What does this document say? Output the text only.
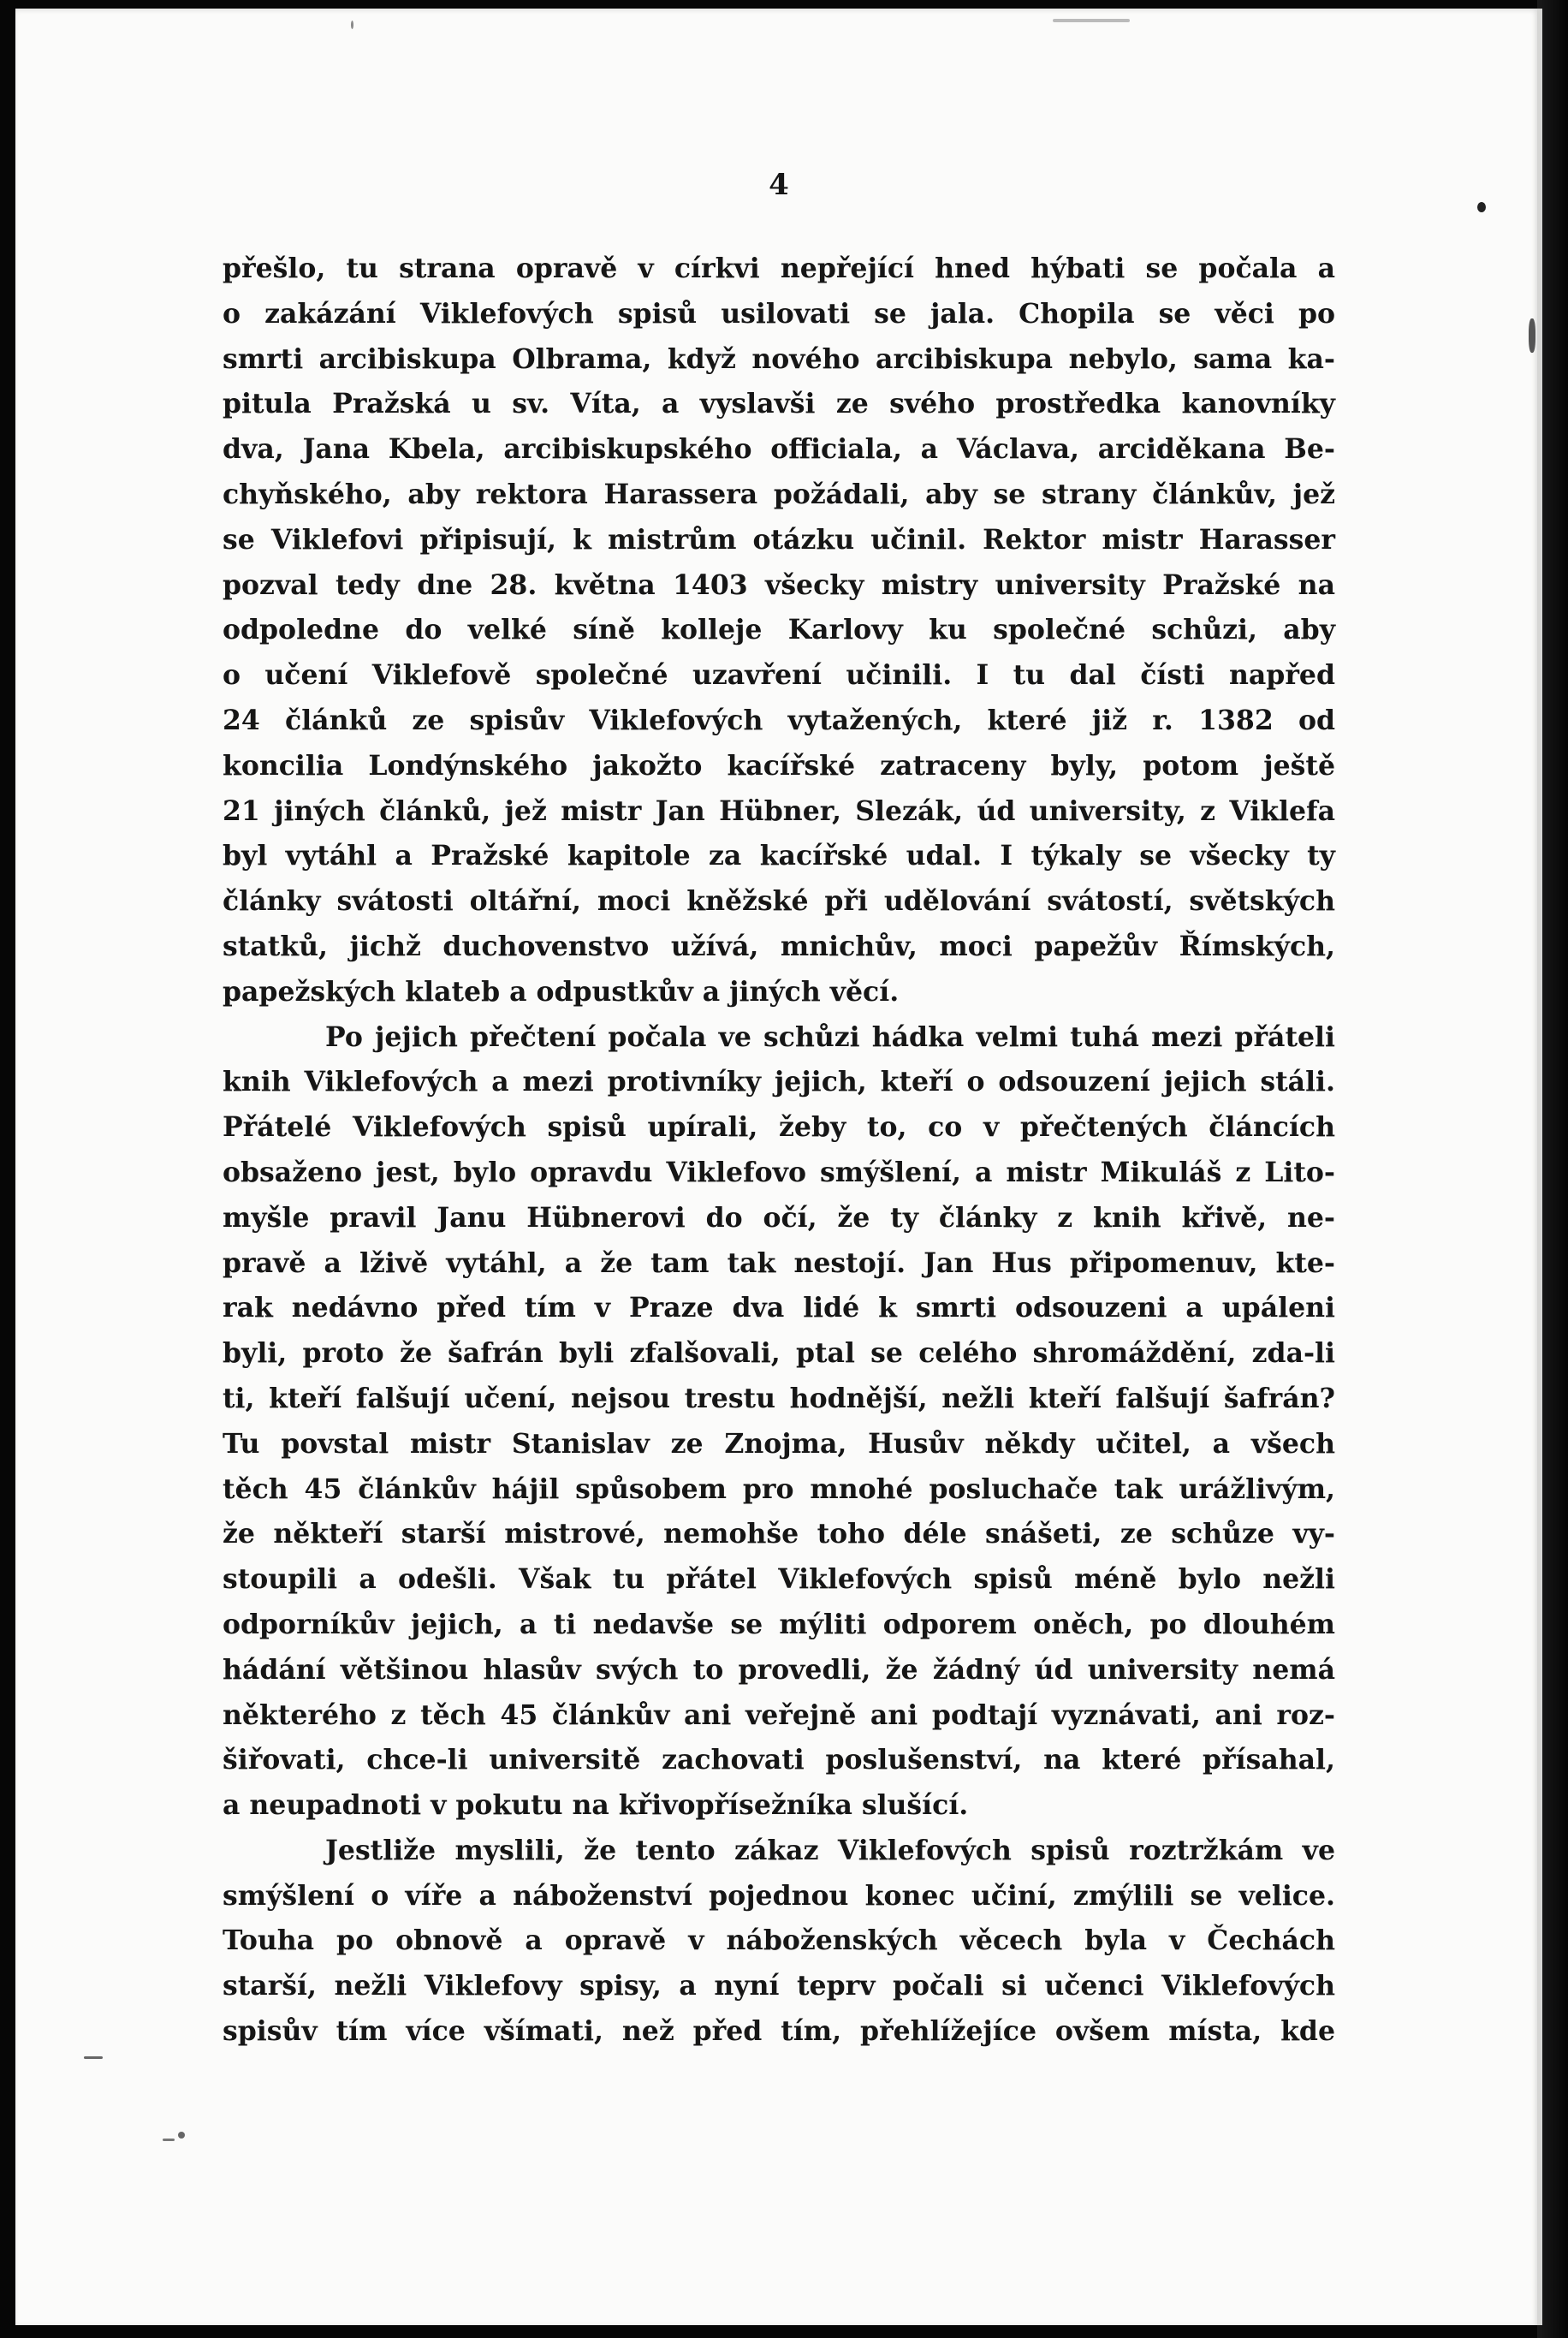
4
přešlo, tu strana opravě v církvi nepřející hned hýbati se počala a
o zakázání Viklefových spisů usilovati se jala. Chopila se věci po
smrti arcibiskupa Olbrama, když nového arcibiskupa nebylo, sama ka-
pitula Pražská u sv. Víta, a vyslavši ze svého prostředka kanovníky
dva, Jana Kbela, arcibiskupského officiala, a Václava, arciděkana Be-
chyňského, aby rektora Harassera požádali, aby se strany článkův, jež
se Viklefovi připisují, k mistrům otázku učinil. Rektor mistr Harasser
pozval tedy dne 28. května 1403 všecky mistry university Pražské na
odpoledne do velké síně kolleje Karlovy ku společné schůzi, aby
o učení Viklefově společné uzavření učinili. I tu dal čísti napřed
24 článků ze spisův Viklefových vytažených, které již r. 1382 od
koncilia Londýnského jakožto kacířské zatraceny byly, potom ještě
21 jiných článků, jež mistr Jan Hübner, Slezák, úd university, z Viklefa
byl vytáhl a Pražské kapitole za kacířské udal. I týkaly se všecky ty
články svátosti oltářní, moci kněžské při udělování svátostí, světských
statků, jichž duchovenstvo užívá, mnichův, moci papežův Římských,
papežských klateb a odpustkův a jiných věcí.
Po jejich přečtení počala ve schůzi hádka velmi tuhá mezi přáteli
knih Viklefových a mezi protivníky jejich, kteří o odsouzení jejich stáli.
Přátelé Viklefových spisů upírali, žeby to, co v přečtených článcích
obsaženo jest, bylo opravdu Viklefovo smýšlení, a mistr Mikuláš z Lito-
myšle pravil Janu Hübnerovi do očí, že ty články z knih křivě, ne-
pravě a lživě vytáhl, a že tam tak nestojí. Jan Hus připomenuv, kte-
rak nedávno před tím v Praze dva lidé k smrti odsouzeni a upáleni
byli, proto že šafrán byli zfalšovali, ptal se celého shromáždění, zda-li
ti, kteří falšují učení, nejsou trestu hodnější, nežli kteří falšují šafrán?
Tu povstal mistr Stanislav ze Znojma, Husův někdy učitel, a všech
těch 45 článkův hájil spůsobem pro mnohé posluchače tak urážlivým,
že někteří starší mistrové, nemohše toho déle snášeti, ze schůze vy-
stoupili a odešli. Však tu přátel Viklefových spisů méně bylo nežli
odporníkův jejich, a ti nedavše se mýliti odporem oněch, po dlouhém
hádání většinou hlasův svých to provedli, že žádný úd university nemá
některého z těch 45 článkův ani veřejně ani podtají vyznávati, ani roz-
šiřovati, chce-li universitě zachovati poslušenství, na které přísahal,
a neupadnoti v pokutu na křivopřísežníka slušící.
Jestliže myslili, že tento zákaz Viklefových spisů roztržkám ve
smýšlení o víře a náboženství pojednou konec učiní, zmýlili se velice.
Touha po obnově a opravě v náboženských věcech byla v Čechách
starší, nežli Viklefovy spisy, a nyní teprv počali si učenci Viklefových
spisův tím více všímati, než před tím, přehlížejíce ovšem místa, kde
